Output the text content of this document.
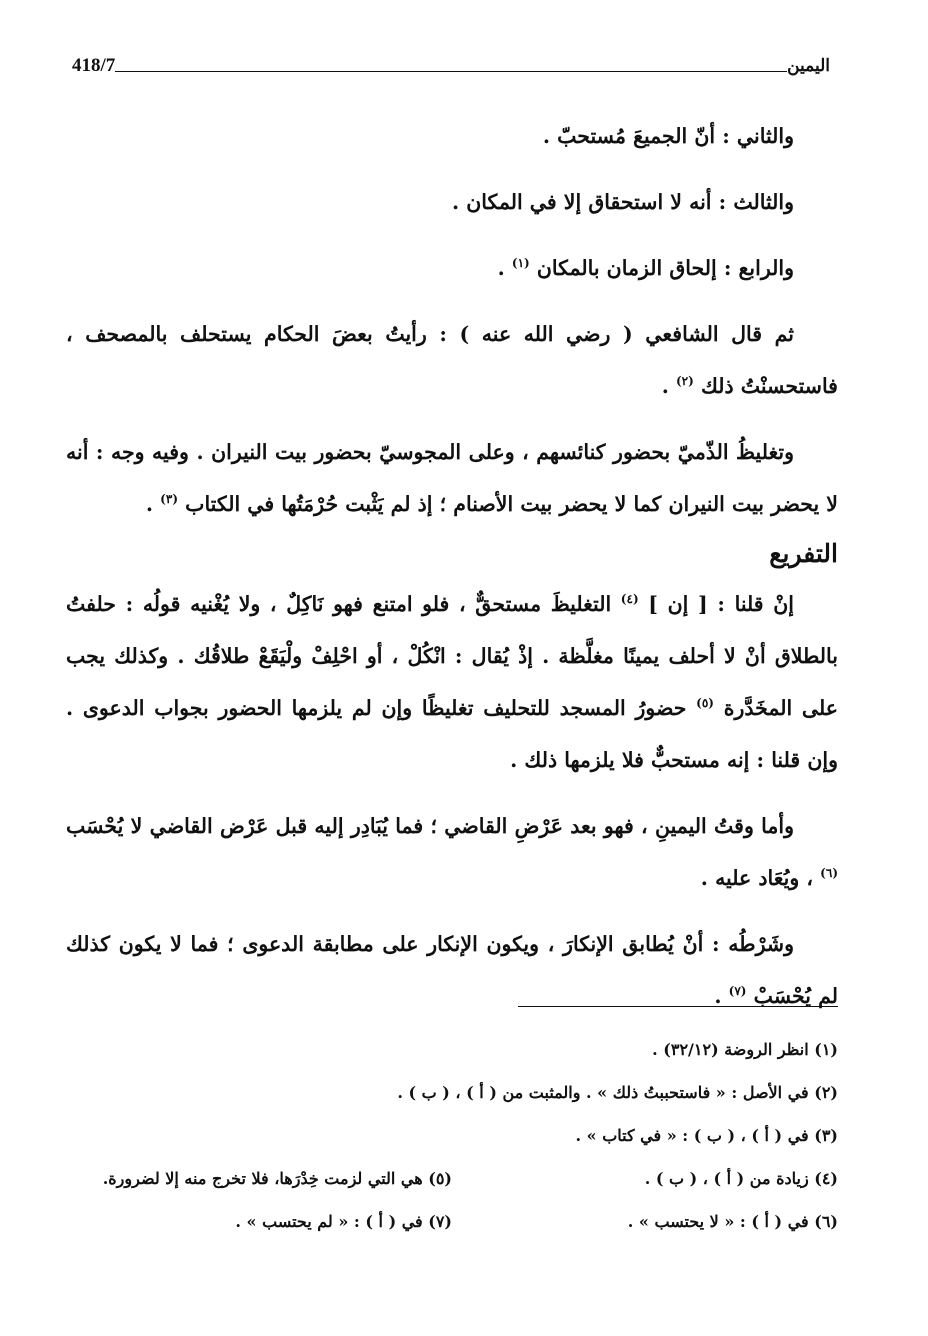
418/7	اليمين

والثاني : أنّ الجميعَ مُستحبّ .

والثالث : أنه لا استحقاق إلا في المكان .

والرابع : إلحاق الزمان بالمكان $^{(١)}$ .

ثم قال الشافعي ( رضي الله عنه ) : رأيتُ بعضَ الحكام يستحلف بالمصحف ، فاستحسنْتُ ذلك $^{(٢)}$ .

وتغليظُ الذّميّ بحضور كنائسهم ، وعلى المجوسيّ بحضور بيت النيران . وفيه وجه : أنه لا يحضر بيت النيران كما لا يحضر بيت الأصنام ؛ إذ لم يَثْبت حُرْمَتُها في الكتاب $^{(٣)}$ .

التفريع

إنْ قلنا : [ إن ] $^{(٤)}$ التغليظَ مستحقٌّ ، فلو امتنع فهو نَاكِلٌ ، ولا يُغْنيه قولُه : حلفتُ بالطلاق أنْ لا أحلف يمينًا مغلَّظة . إذْ يُقال : انْكُلْ ، أو احْلِفْ ولْيَقَعْ طلاقُك . وكذلك يجب على المخَدَّرة $^{(٥)}$ حضورُ المسجد للتحليف تغليظًا وإن لم يلزمها الحضور بجواب الدعوى . وإن قلنا : إنه مستحبٌّ فلا يلزمها ذلك .

وأما وقتُ اليمينِ ، فهو بعد عَرْضِ القاضي ؛ فما يُبَادِر إليه قبل عَرْض القاضي لا يُحْسَب $^{(٦)}$ ، ويُعَاد عليه .

وشَرْطُه : أنْ يُطابق الإنكارَ ، ويكون الإنكار على مطابقة الدعوى ؛ فما لا يكون كذلك لم يُحْسَبْ $^{(٧)}$ .

(١) انظر الروضة (٣٢/١٢) .

(٢) في الأصل : « فاستحببتُ ذلك » . والمثبت من ( أ ) ، ( ب ) .

(٣) في ( أ ) ، ( ب ) : « في كتاب » .

(٤) زيادة من ( أ ) ، ( ب ) .

(٥) هي التي لزمت خِدْرَها، فلا تخرج منه إلا لضرورة.

(٦) في ( أ ) : « لا يحتسب » .

(٧) في ( أ ) : « لم يحتسب » .
